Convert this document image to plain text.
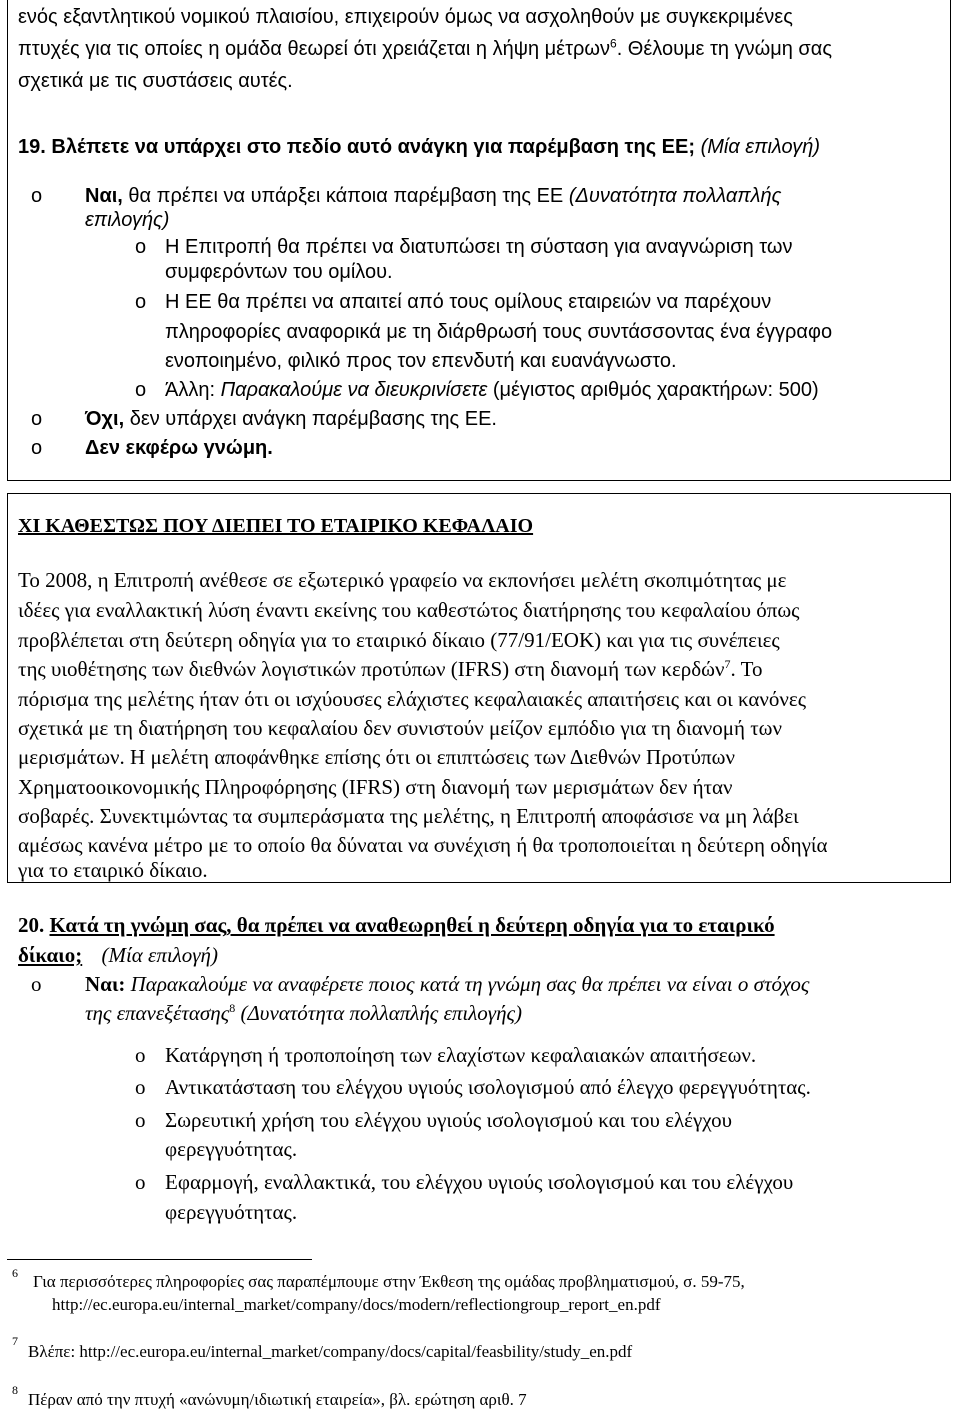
ενός εξαντλητικού νομικού πλαισίου, επιχειρούν όμως να ασχοληθούν με συγκεκριμένες
πτυχές για τις οποίες η ομάδα θεωρεί ότι χρειάζεται η λήψη μέτρων$^6$. Θέλουμε τη γνώμη σας
σχετικά με τις συστάσεις αυτές.
19. Βλέπετε να υπάρχει στο πεδίο αυτό ανάγκη για παρέμβαση της ΕΕ; (Μία επιλογή)
o Ναι, θα πρέπει να υπάρξει κάποια παρέμβαση της ΕΕ (Δυνατότητα πολλαπλής
επιλογής)
o Η Επιτροπή θα πρέπει να διατυπώσει τη σύσταση για αναγνώριση των
συμφερόντων του ομίλου.
o Η ΕΕ θα πρέπει να απαιτεί από τους ομίλους εταιρειών να παρέχουν
πληροφορίες αναφορικά με τη διάρθρωσή τους συντάσσοντας ένα έγγραφο
ενοποιημένο, φιλικό προς τον επενδυτή και ευανάγνωστο.
o Άλλη: Παρακαλούμε να διευκρινίσετε (μέγιστος αριθμός χαρακτήρων: 500)
o Όχι, δεν υπάρχει ανάγκη παρέμβασης της ΕΕ.
o Δεν εκφέρω γνώμη.
XI ΚΑΘΕΣΤΩΣ ΠΟΥ ΔΙΕΠΕΙ ΤΟ ΕΤΑΙΡΙΚΟ ΚΕΦΑΛΑΙΟ
Το 2008, η Επιτροπή ανέθεσε σε εξωτερικό γραφείο να εκπονήσει μελέτη σκοπιμότητας με
ιδέες για εναλλακτική λύση έναντι εκείνης του καθεστώτος διατήρησης του κεφαλαίου όπως
προβλέπεται στη δεύτερη οδηγία για το εταιρικό δίκαιο (77/91/ΕΟΚ) και για τις συνέπειες
της υιοθέτησης των διεθνών λογιστικών προτύπων (IFRS) στη διανομή των κερδών$^7$. Το
πόρισμα της μελέτης ήταν ότι οι ισχύουσες ελάχιστες κεφαλαιακές απαιτήσεις και οι κανόνες
σχετικά με τη διατήρηση του κεφαλαίου δεν συνιστούν μείζον εμπόδιο για τη διανομή των
μερισμάτων. Η μελέτη αποφάνθηκε επίσης ότι οι επιπτώσεις των Διεθνών Προτύπων
Χρηματοοικονομικής Πληροφόρησης (IFRS) στη διανομή των μερισμάτων δεν ήταν
σοβαρές. Συνεκτιμώντας τα συμπεράσματα της μελέτης, η Επιτροπή αποφάσισε να μη λάβει
αμέσως κανένα μέτρο με το οποίο θα δύναται να συνέχιση ή θα τροποποιείται η δεύτερη οδηγία
για το εταιρικό δίκαιο.
20. Κατά τη γνώμη σας, θα πρέπει να αναθεωρηθεί η δεύτερη οδηγία για το εταιρικό
δίκαιο; (Μία επιλογή)
o Ναι: Παρακαλούμε να αναφέρετε ποιος κατά τη γνώμη σας θα πρέπει να είναι ο στόχος
της επανεξέτασης$^8$ (Δυνατότητα πολλαπλής επιλογής)
o Κατάργηση ή τροποποίηση των ελαχίστων κεφαλαιακών απαιτήσεων.
o Αντικατάσταση του ελέγχου υγιούς ισολογισμού από έλεγχο φερεγγυότητας.
o Σωρευτική χρήση του ελέγχου υγιούς ισολογισμού και του ελέγχου
φερεγγυότητας.
o Εφαρμογή, εναλλακτικά, του ελέγχου υγιούς ισολογισμού και του ελέγχου
φερεγγυότητας.
6 Για περισσότερες πληροφορίες σας παραπέμπουμε στην Έκθεση της ομάδας προβληματισμού, σ. 59-75,
http://ec.europa.eu/internal_market/company/docs/modern/reflectiongroup_report_en.pdf
7
Βλέπε: http://ec.europa.eu/internal_market/company/docs/capital/feasbility/study_en.pdf
8 Πέραν από την πτυχή «ανώνυμη/ιδιωτική εταιρεία», βλ. ερώτηση αριθ. 7
